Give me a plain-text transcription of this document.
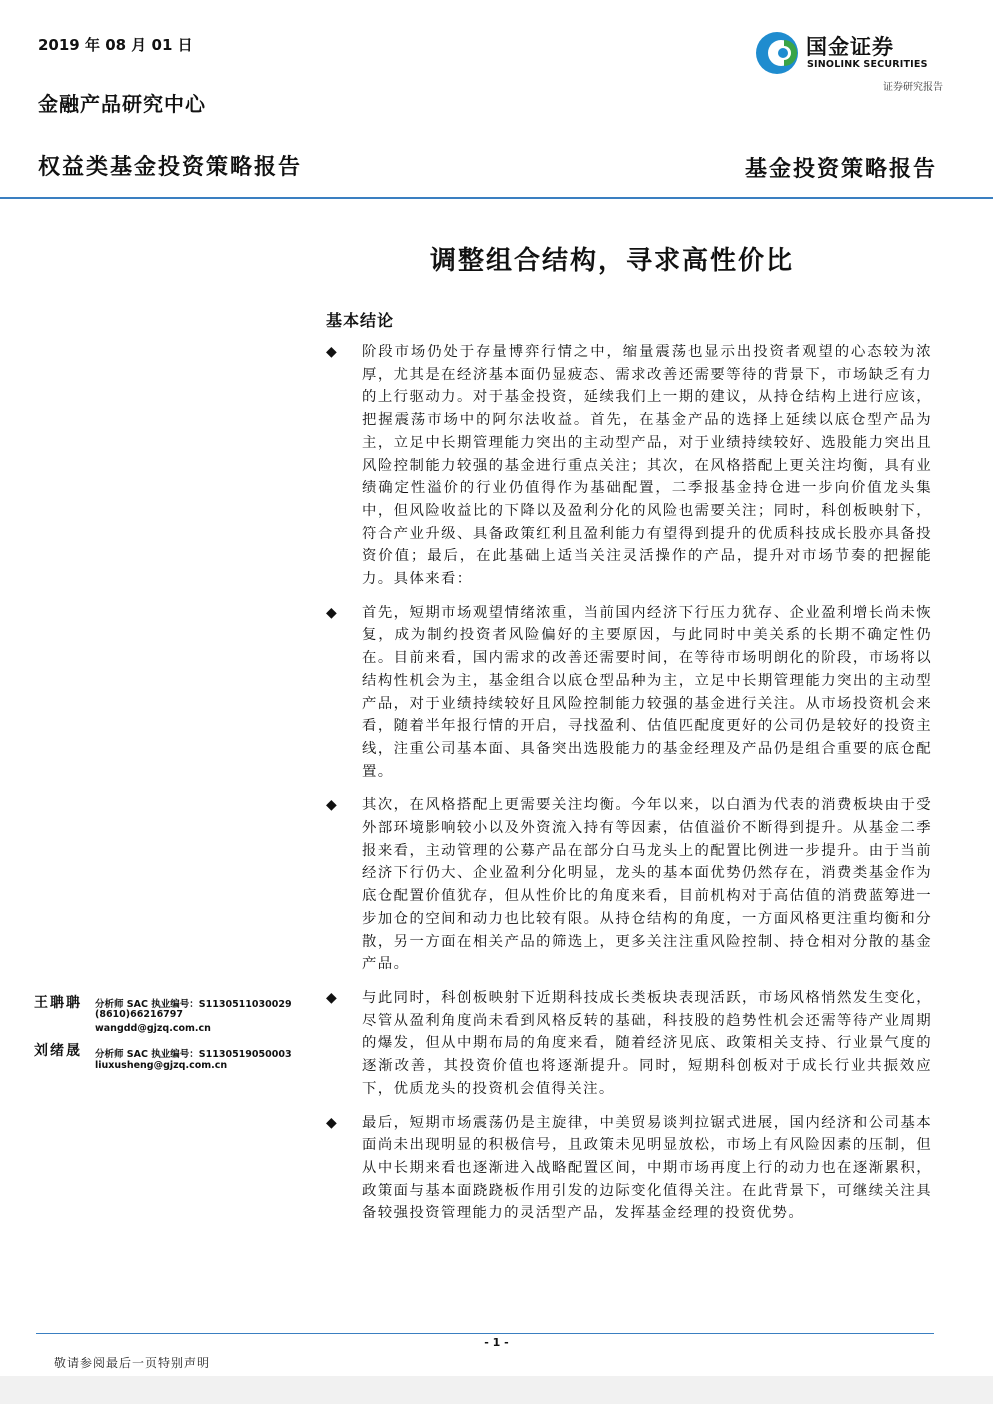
2019 年 08 月 01 日
金融产品研究中心
权益类基金投资策略报告	基金投资策略报告
国金证券
SINOLINK SECURITIES
证券研究报告
调整组合结构，寻求高性价比
基本结论
◆ 阶段市场仍处于存量博弈行情之中，缩量震荡也显示出投资者观望的心态较为浓厚，尤其是在经济基本面仍显疲态、需求改善还需要等待的背景下，市场缺乏有力的上行驱动力。对于基金投资，延续我们上一期的建议，从持仓结构上进行应该，把握震荡市场中的阿尔法收益。首先，在基金产品的选择上延续以底仓型产品为主，立足中长期管理能力突出的主动型产品，对于业绩持续较好、选股能力突出且风险控制能力较强的基金进行重点关注；其次，在风格搭配上更关注均衡，具有业绩确定性溢价的行业仍值得作为基础配置，二季报基金持仓进一步向价值龙头集中，但风险收益比的下降以及盈利分化的风险也需要关注；同时，科创板映射下，符合产业升级、具备政策红利且盈利能力有望得到提升的优质科技成长股亦具备投资价值；最后，在此基础上适当关注灵活操作的产品，提升对市场节奏的把握能力。具体来看：
◆ 首先，短期市场观望情绪浓重，当前国内经济下行压力犹存、企业盈利增长尚未恢复，成为制约投资者风险偏好的主要原因，与此同时中美关系的长期不确定性仍在。目前来看，国内需求的改善还需要时间，在等待市场明朗化的阶段，市场将以结构性机会为主，基金组合以底仓型品种为主，立足中长期管理能力突出的主动型产品，对于业绩持续较好且风险控制能力较强的基金进行关注。从市场投资机会来看，随着半年报行情的开启，寻找盈利、估值匹配度更好的公司仍是较好的投资主线，注重公司基本面、具备突出选股能力的基金经理及产品仍是组合重要的底仓配置。
◆ 其次，在风格搭配上更需要关注均衡。今年以来，以白酒为代表的消费板块由于受外部环境影响较小以及外资流入持有等因素，估值溢价不断得到提升。从基金二季报来看，主动管理的公募产品在部分白马龙头上的配置比例进一步提升。由于当前经济下行仍大、企业盈利分化明显，龙头的基本面优势仍然存在，消费类基金作为底仓配置价值犹存，但从性价比的角度来看，目前机构对于高估值的消费蓝筹进一步加仓的空间和动力也比较有限。从持仓结构的角度，一方面风格更注重均衡和分散，另一方面在相关产品的筛选上，更多关注注重风险控制、持仓相对分散的基金产品。
◆ 与此同时，科创板映射下近期科技成长类板块表现活跃，市场风格悄然发生变化，尽管从盈利角度尚未看到风格反转的基础，科技股的趋势性机会还需等待产业周期的爆发，但从中期布局的角度来看，随着经济见底、政策相关支持、行业景气度的逐渐改善，其投资价值也将逐渐提升。同时，短期科创板对于成长行业共振效应下，优质龙头的投资机会值得关注。
◆ 最后，短期市场震荡仍是主旋律，中美贸易谈判拉锯式进展，国内经济和公司基本面尚未出现明显的积极信号，且政策未见明显放松，市场上有风险因素的压制，但从中长期来看也逐渐进入战略配置区间，中期市场再度上行的动力也在逐渐累积，政策面与基本面跷跷板作用引发的边际变化值得关注。在此背景下，可继续关注具备较强投资管理能力的灵活型产品，发挥基金经理的投资优势。
王聃聃 分析师 SAC 执业编号：S1130511030029
(8610)66216797
wangdd@gjzq.com.cn
刘绪晟 分析师 SAC 执业编号：S1130519050003
liuxusheng@gjzq.com.cn
- 1 -
敬请参阅最后一页特别声明
